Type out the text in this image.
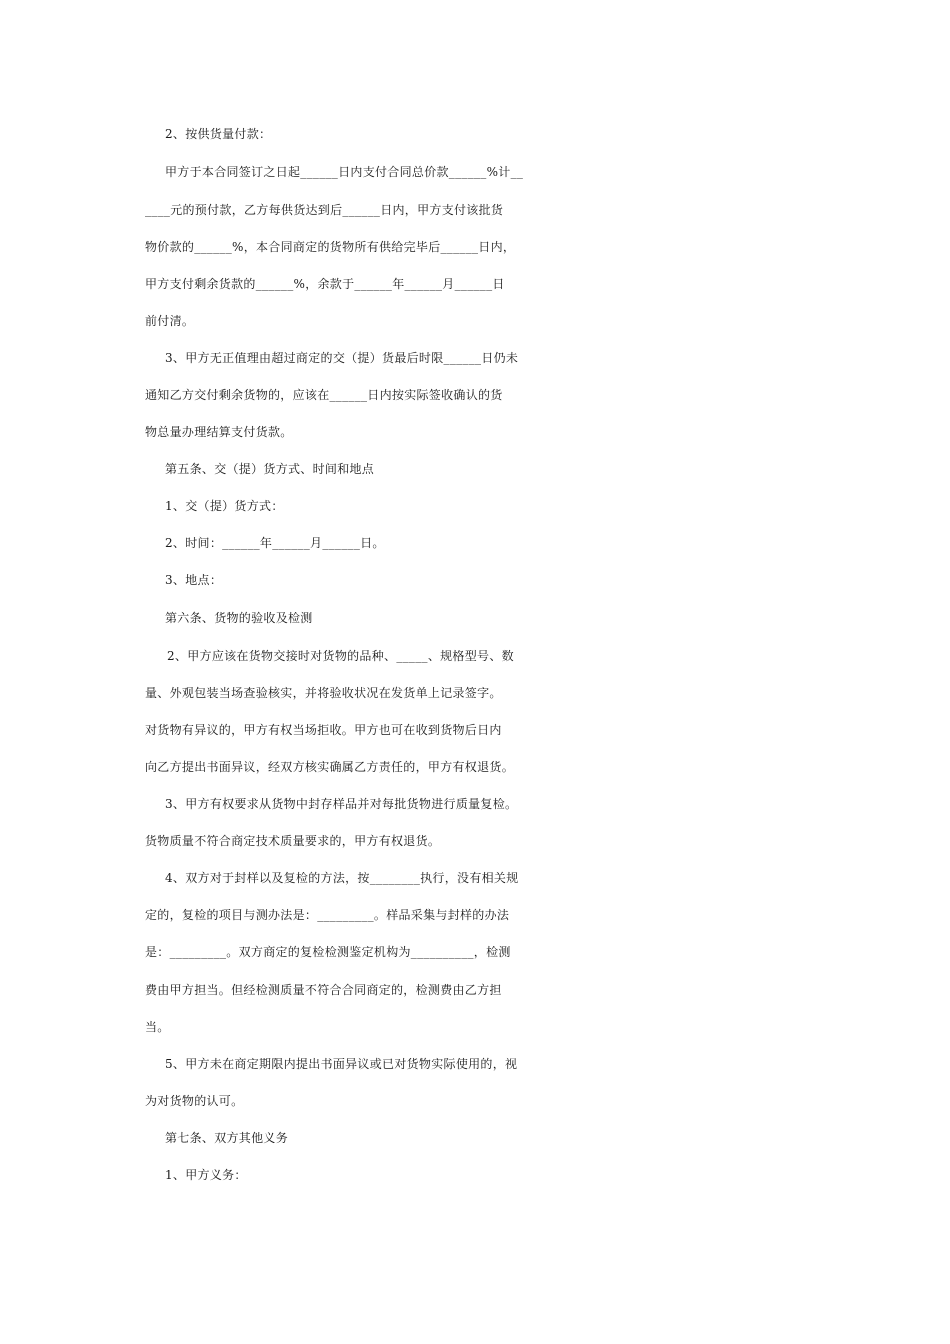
2、按供货量付款：
甲方于本合同签订之日起______日内支付合同总价款______%计__
____元的预付款，乙方每供货达到后______日内，甲方支付该批货
物价款的______%，本合同商定的货物所有供给完毕后______日内，
甲方支付剩余货款的______%，余款于______年______月______日
前付清。
3、甲方无正值理由超过商定的交（提）货最后时限______日仍未
通知乙方交付剩余货物的，应该在______日内按实际签收确认的货
物总量办理结算支付货款。
第五条、交（提）货方式、时间和地点
1、交（提）货方式：
2、时间：______年______月______日。
3、地点：
第六条、货物的验收及检测
2、甲方应该在货物交接时对货物的品种、_____、规格型号、数
量、外观包装当场查验核实，并将验收状况在发货单上记录签字。
对货物有异议的，甲方有权当场拒收。甲方也可在收到货物后日内
向乙方提出书面异议，经双方核实确属乙方责任的，甲方有权退货。
3、甲方有权要求从货物中封存样品并对每批货物进行质量复检。
货物质量不符合商定技术质量要求的，甲方有权退货。
4、双方对于封样以及复检的方法，按________执行，没有相关规
定的，复检的项目与测办法是：_________。样品采集与封样的办法
是：_________。双方商定的复检检测鉴定机构为__________，检测
费由甲方担当。但经检测质量不符合合同商定的，检测费由乙方担
当。
5、甲方未在商定期限内提出书面异议或已对货物实际使用的，视
为对货物的认可。
第七条、双方其他义务
1、甲方义务：
